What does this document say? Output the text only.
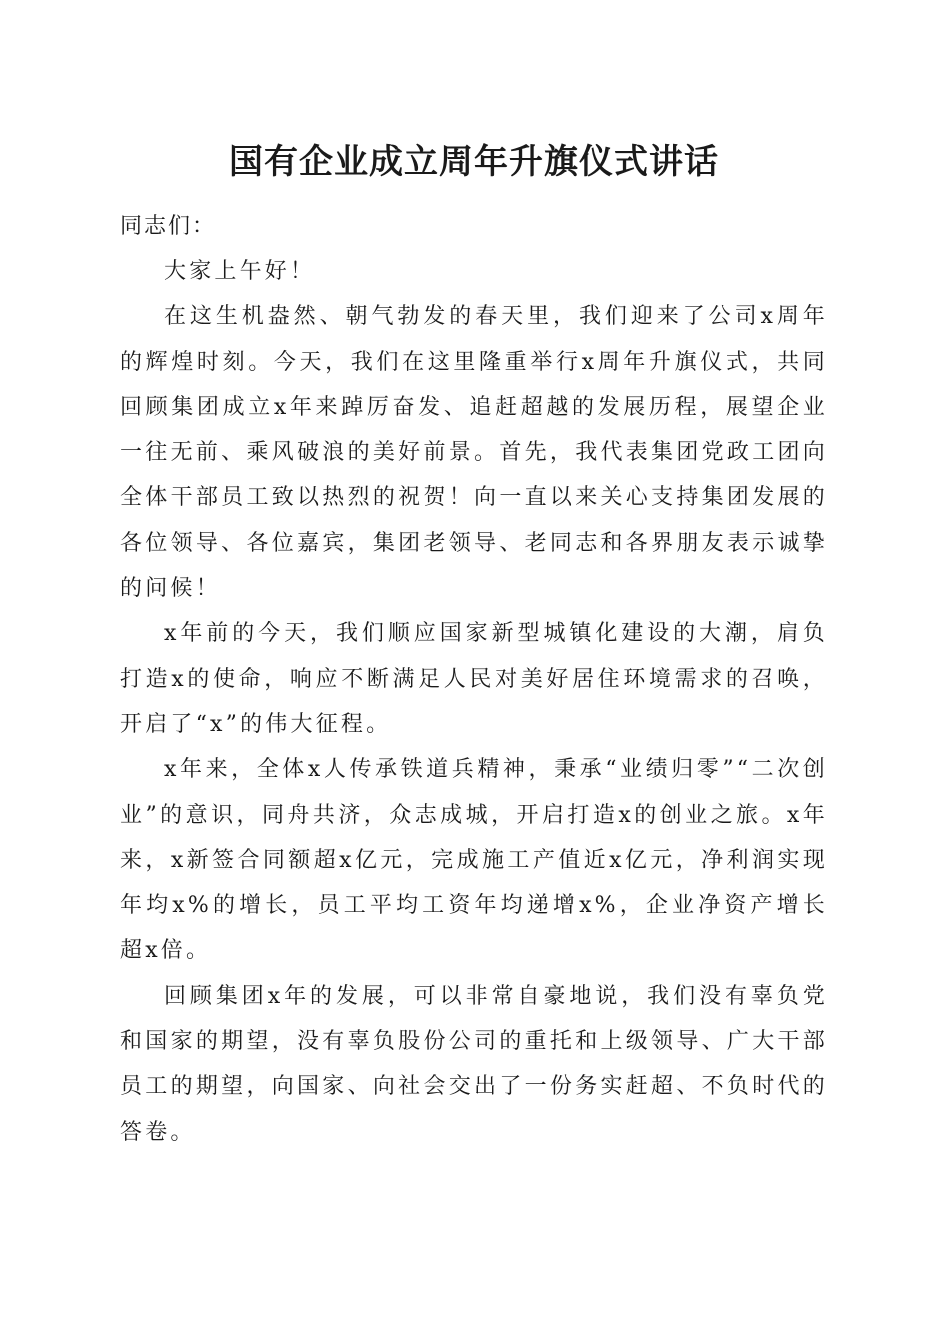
国有企业成立周年升旗仪式讲话

同志们：

大家上午好！

在这生机盎然、朝气勃发的春天里，我们迎来了公司x周年的辉煌时刻。今天，我们在这里隆重举行x周年升旗仪式，共同回顾集团成立x年来踔厉奋发、追赶超越的发展历程，展望企业一往无前、乘风破浪的美好前景。首先，我代表集团党政工团向全体干部员工致以热烈的祝贺！向一直以来关心支持集团发展的各位领导、各位嘉宾，集团老领导、老同志和各界朋友表示诚挚的问候！

x年前的今天，我们顺应国家新型城镇化建设的大潮，肩负打造x的使命，响应不断满足人民对美好居住环境需求的召唤，开启了“x”的伟大征程。

x年来，全体x人传承铁道兵精神，秉承“业绩归零”“二次创业”的意识，同舟共济，众志成城，开启打造x的创业之旅。x年来，x新签合同额超x亿元，完成施工产值近x亿元，净利润实现年均x%的增长，员工平均工资年均递增x%，企业净资产增长超x倍。

回顾集团x年的发展，可以非常自豪地说，我们没有辜负党和国家的期望，没有辜负股份公司的重托和上级领导、广大干部员工的期望，向国家、向社会交出了一份务实赶超、不负时代的答卷。
